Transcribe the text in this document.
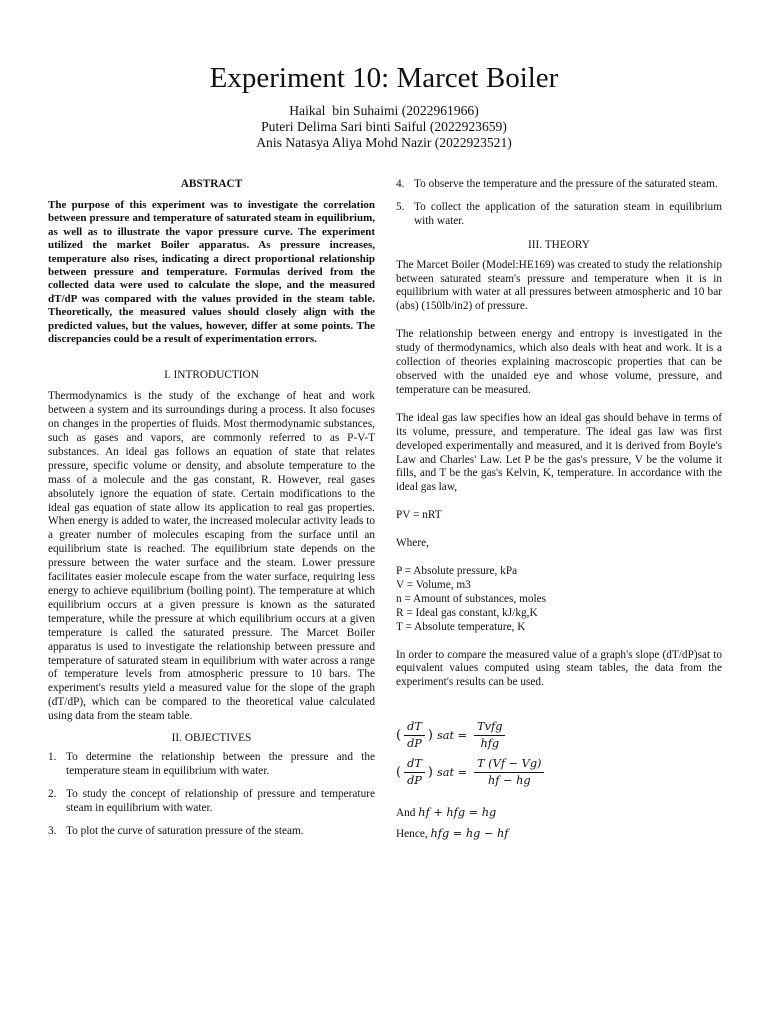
Experiment 10: Marcet Boiler
Haikal  bin Suhaimi (2022961966)
Puteri Delima Sari binti Saiful (2022923659)
Anis Natasya Aliya Mohd Nazir (2022923521)
ABSTRACT

The purpose of this experiment was to investigate the correlation between pressure and temperature of saturated steam in equilibrium, as well as to illustrate the vapor pressure curve. The experiment utilized the market Boiler apparatus. As pressure increases, temperature also rises, indicating a direct proportional relationship between pressure and temperature. Formulas derived from the collected data were used to calculate the slope, and the measured dT/dP was compared with the values provided in the steam table. Theoretically, the measured values should closely align with the predicted values, but the values, however, differ at some points. The discrepancies could be a result of experimentation errors.

I. INTRODUCTION

Thermodynamics is the study of the exchange of heat and work between a system and its surroundings during a process. It also focuses on changes in the properties of fluids. Most thermodynamic substances, such as gases and vapors, are commonly referred to as P-V-T substances. An ideal gas follows an equation of state that relates pressure, specific volume or density, and absolute temperature to the mass of a molecule and the gas constant, R. However, real gases absolutely ignore the equation of state. Certain modifications to the ideal gas equation of state allow its application to real gas properties. When energy is added to water, the increased molecular activity leads to a greater number of molecules escaping from the surface until an equilibrium state is reached. The equilibrium state depends on the pressure between the water surface and the steam. Lower pressure facilitates easier molecule escape from the water surface, requiring less energy to achieve equilibrium (boiling point). The temperature at which equilibrium occurs at a given pressure is known as the saturated temperature, while the pressure at which equilibrium occurs at a given temperature is called the saturated pressure. The Marcet Boiler apparatus is used to investigate the relationship between pressure and temperature of saturated steam in equilibrium with water across a range of temperature levels from atmospheric pressure to 10 bars. The experiment's results yield a measured value for the slope of the graph (dT/dP), which can be compared to the theoretical value calculated using data from the steam table.

II. OBJECTIVES
1. To determine the relationship between the pressure and the temperature steam in equilibrium with water.
2. To study the concept of relationship of pressure and temperature steam in equilibrium with water.
3. To plot the curve of saturation pressure of the steam.
4. To observe the temperature and the pressure of the saturated steam.
5. To collect the application of the saturation steam in equilibrium with water.
III. THEORY

The Marcet Boiler (Model:HE169) was created to study the relationship between saturated steam's pressure and temperature when it is in equilibrium with water at all pressures between atmospheric and 10 bar (abs) (150lb/in2) of pressure.

The relationship between energy and entropy is investigated in the study of thermodynamics, which also deals with heat and work. It is a collection of theories explaining macroscopic properties that can be observed with the unaided eye and whose volume, pressure, and temperature can be measured.

The ideal gas law specifies how an ideal gas should behave in terms of its volume, pressure, and temperature. The ideal gas law was first developed experimentally and measured, and it is derived from Boyle's Law and Charles' Law. Let P be the gas's pressure, V be the volume it fills, and T be the gas's Kelvin, K, temperature. In accordance with the ideal gas law,

PV = nRT

Where,

P = Absolute pressure, kPa
V = Volume, m3
n = Amount of substances, moles
R = Ideal gas constant, kJ/kg,K
T = Absolute temperature, K

In order to compare the measured value of a graph's slope (dT/dP)sat to equivalent values computed using steam tables, the data from the experiment's results can be used.

( $\frac{dT}{dP}$ ) sat = $\frac{\text{Tvfg}}{\text{hfg}}$
( $\frac{dT}{dP}$ ) sat = $\frac{T (Vf - Vg)}{hf - hg}$

And hf + hfg = hg

Hence, hfg = hg − hf
